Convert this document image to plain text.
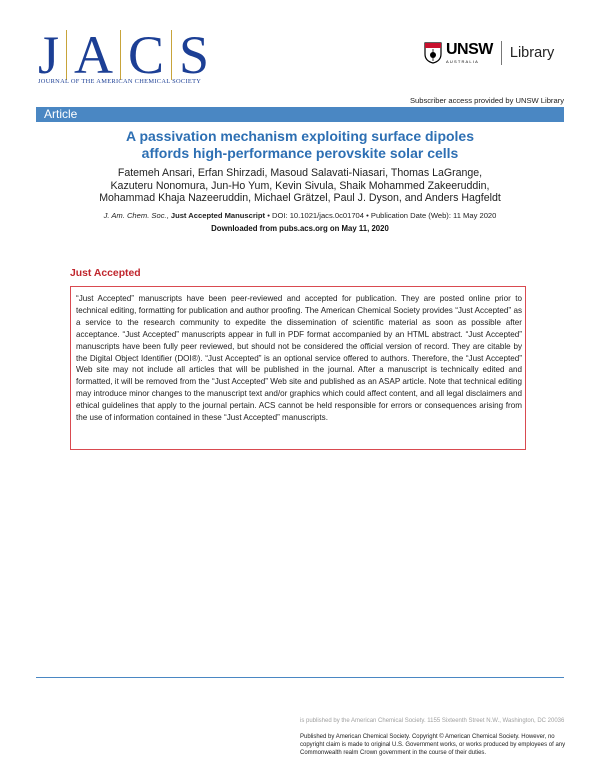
J A C S
JOURNAL OF THE AMERICAN CHEMICAL SOCIETY
UNSW
AUSTRALIA
Library
Subscriber access provided by UNSW Library
Article
A passivation mechanism exploiting surface dipoles
affords high-performance perovskite solar cells
Fatemeh Ansari, Erfan Shirzadi, Masoud Salavati-Niasari, Thomas LaGrange,
Kazuteru Nonomura, Jun-Ho Yum, Kevin Sivula, Shaik Mohammed Zakeeruddin,
Mohammad Khaja Nazeeruddin, Michael Grätzel, Paul J. Dyson, and Anders Hagfeldt
J. Am. Chem. Soc., Just Accepted Manuscript • DOI: 10.1021/jacs.0c01704 • Publication Date (Web): 11 May 2020
Downloaded from pubs.acs.org on May 11, 2020
Just Accepted
“Just Accepted” manuscripts have been peer-reviewed and accepted for publication. They are posted online prior to technical editing, formatting for publication and author proofing. The American Chemical Society provides “Just Accepted” as a service to the research community to expedite the dissemination of scientific material as soon as possible after acceptance. “Just Accepted” manuscripts appear in full in PDF format accompanied by an HTML abstract. “Just Accepted” manuscripts have been fully peer reviewed, but should not be considered the official version of record. They are citable by the Digital Object Identifier (DOI®). “Just Accepted” is an optional service offered to authors. Therefore, the “Just Accepted” Web site may not include all articles that will be published in the journal. After a manuscript is technically edited and formatted, it will be removed from the “Just Accepted” Web site and published as an ASAP article. Note that technical editing may introduce minor changes to the manuscript text and/or graphics which could affect content, and all legal disclaimers and ethical guidelines that apply to the journal pertain. ACS cannot be held responsible for errors or consequences arising from the use of information contained in these “Just Accepted” manuscripts.
is published by the American Chemical Society. 1155 Sixteenth Street N.W., Washington, DC 20036
Published by American Chemical Society. Copyright © American Chemical Society. However, no copyright claim is made to original U.S. Government works, or works produced by employees of any Commonwealth realm Crown government in the course of their duties.
